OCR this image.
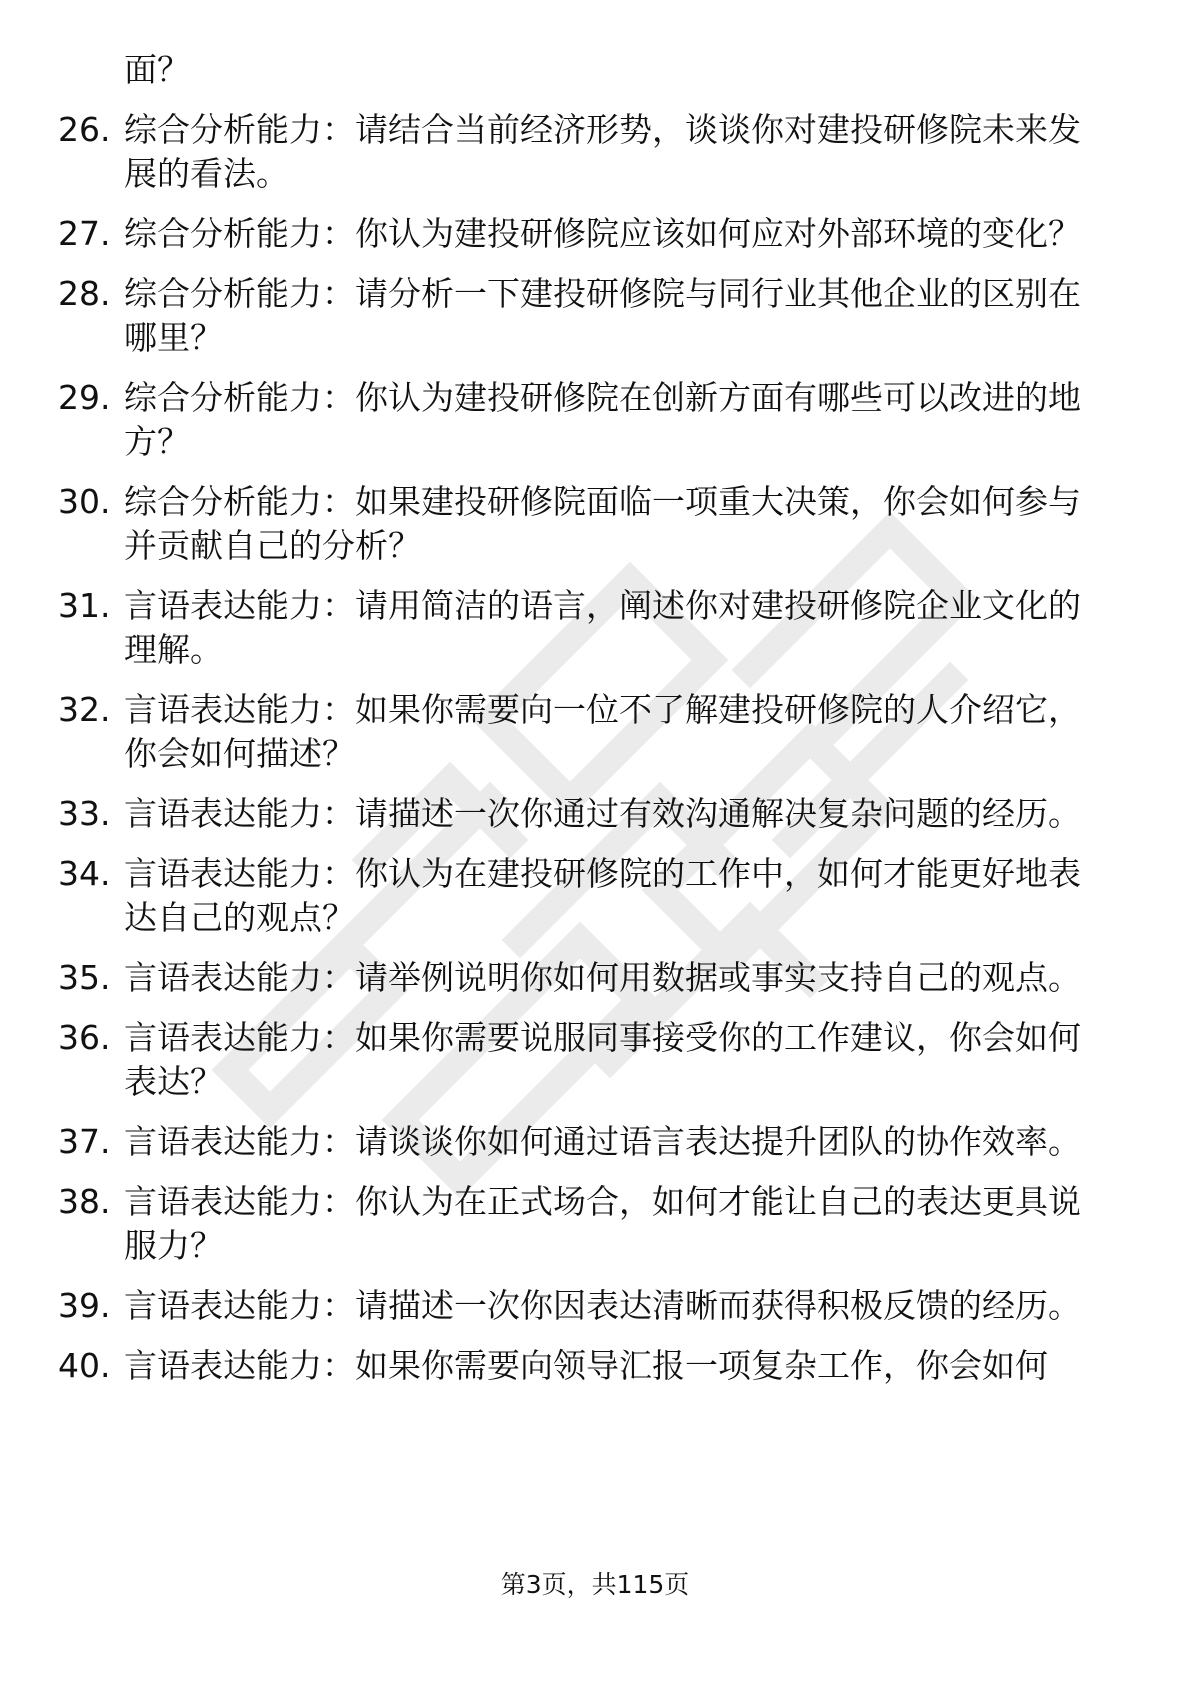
面？
26. 综合分析能力：请结合当前经济形势，谈谈你对建投研修院未来发展的看法。
27. 综合分析能力：你认为建投研修院应该如何应对外部环境的变化？
28. 综合分析能力：请分析一下建投研修院与同行业其他企业的区别在哪里？
29. 综合分析能力：你认为建投研修院在创新方面有哪些可以改进的地方？
30. 综合分析能力：如果建投研修院面临一项重大决策，你会如何参与并贡献自己的分析？
31. 言语表达能力：请用简洁的语言，阐述你对建投研修院企业文化的理解。
32. 言语表达能力：如果你需要向一位不了解建投研修院的人介绍它，你会如何描述？
33. 言语表达能力：请描述一次你通过有效沟通解决复杂问题的经历。
34. 言语表达能力：你认为在建投研修院的工作中，如何才能更好地表达自己的观点？
35. 言语表达能力：请举例说明你如何用数据或事实支持自己的观点。
36. 言语表达能力：如果你需要说服同事接受你的工作建议，你会如何表达？
37. 言语表达能力：请谈谈你如何通过语言表达提升团队的协作效率。
38. 言语表达能力：你认为在正式场合，如何才能让自己的表达更具说服力？
39. 言语表达能力：请描述一次你因表达清晰而获得积极反馈的经历。
40. 言语表达能力：如果你需要向领导汇报一项复杂工作，你会如何
第3页，共115页
